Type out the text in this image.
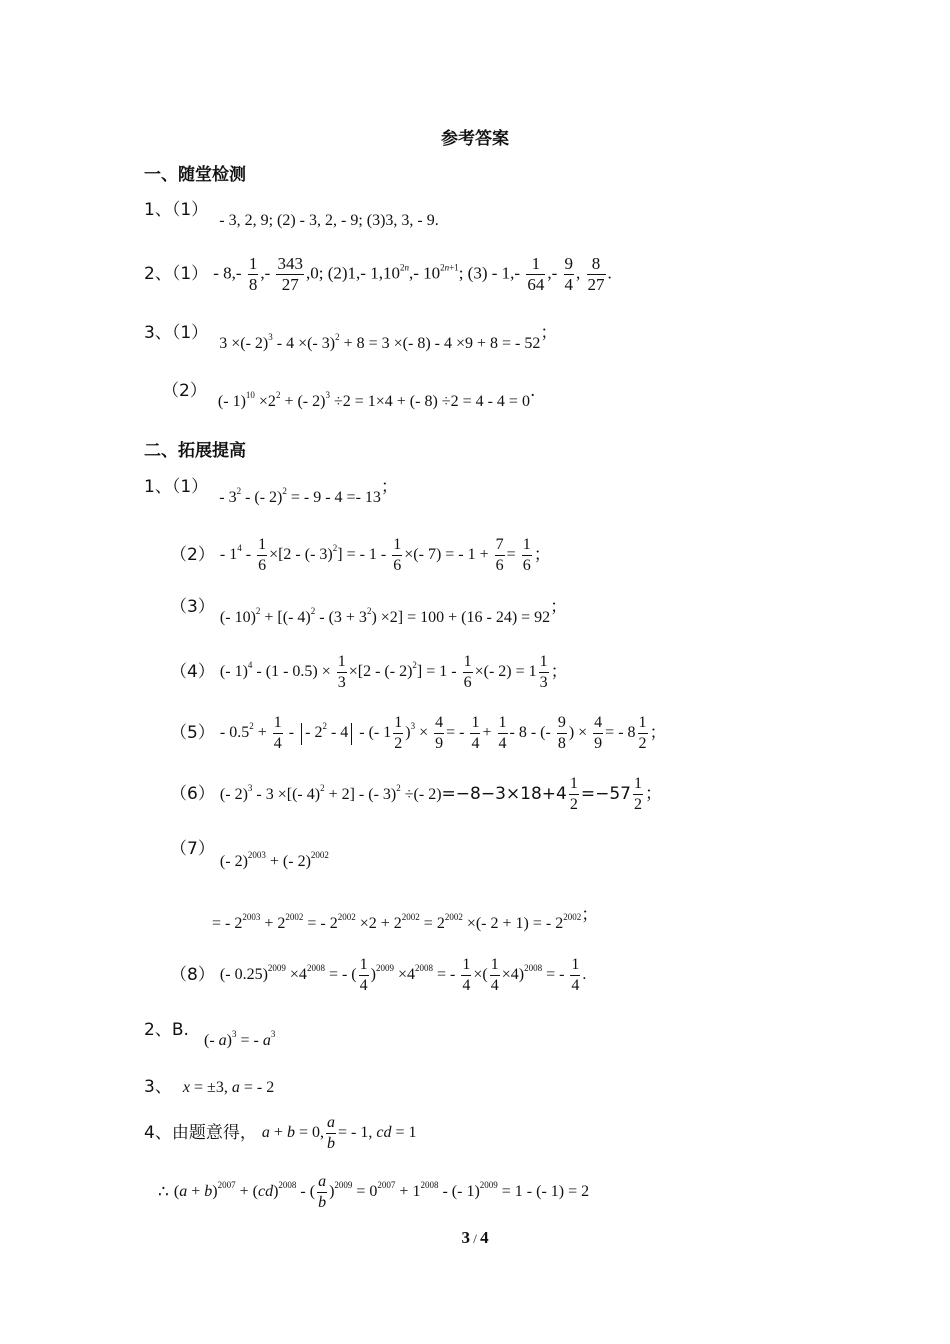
参考答案
一、随堂检测
1、（1） - 3, 2, 9; (2) - 3, 2, - 9; (3)3, 3, - 9.
2、$(1) - 8,- \frac{1}{8}$ ,- $\frac{343}{27} ,0$; (2)1,- $1,10^{2n},-$ $10^{2n+1}$; $(3) - 1,- \frac{1}{64}$ ,- $\frac{9}{4}$ , $\frac{8}{27}$ .
3、（1） 3 ×(- 2)$^3$ - 4 ×(- 3)$^2$ + 8 = 3 ×(- 8) - 4 ×9 + 8 = - 52；
（2） (- $1)^{10} \times 2^2$ + (- 2)$^3$ ÷2 = 1×4 + (- 8) ÷2 = 4 - 4 = 0.
二、拓展提高
1、$(1) - 3^2$ - (- 2)$^2$ = - 9 - 4 =- 13；
$(2) - 1^4 - \frac{1}{6} \times[2$ - (- 3)$^2$] = - $1 - \frac{1}{6}$ ×(- 7) = - $1 + \frac{7}{6} = \frac{1}{6}$ ；
（3） (- 10)$^2$ + [(- $4)^2 - (3 + 3^2) \times 2] = 100 + (16 - 24) = 92$；
（4） (- $1)^4 - (1 - 0.5) \times \frac{1}{3} \times[2$ - (- $2)^2] = 1 - \frac{1}{6}$ ×(- $2) = 1 \frac{1}{3}$ ；
$(5) - 0.5^2 + \frac{1}{4}$ - - $2^2 - 4$ - (- $1 \frac{1}{2} )^3 \times \frac{4}{9}$ = - $\frac{1}{4} + \frac{1}{4} - 8$ - (- $\frac{9}{8}$ ) × $\frac{4}{9}$ = - $8 \frac{1}{2}$ ；
（6） (- 2)$^3$ - 3 ×[(- 4)$^2$ + 2] - (- 3)$^2$ ÷(- $2)=-8-3\times 18+4 \frac{1}{2} =-57 \frac{1}{2}$ ；
（7） (- 2)$^{2003}$ + (- 2)$^{2002}$
= - $2^{2003} + 2^{2002}$ = - $2^{2002} \times 2 + 2^{2002} = 2^{2002}$ ×(- 2 + 1) = - $2^{2002}$；
（8） (- $0.25)^{2009} \times 4^{2008}$ = - ( $\frac{1}{4} )^{2009} \times 4^{2008}$ = - $\frac{1}{4}$ ×( $\frac{1}{4} \times 4)^{2008}$ = - $\frac{1}{4}$ .
2、B. (- a)$^3$ = - $a^3$
3、 x = ±3, a = - 2
4、由题意得， a + b = 0, $\frac{a}{b}$ = - 1, cd = 1
∴ $(a + b)^{2007} + (cd)^{2008}$ - ( $\frac{a}{b} )^{2009} = 0^{2007} + 1^{2008}$ - (- 1)$^{2009}$ = 1 - (- 1) = 2
3 / 4
